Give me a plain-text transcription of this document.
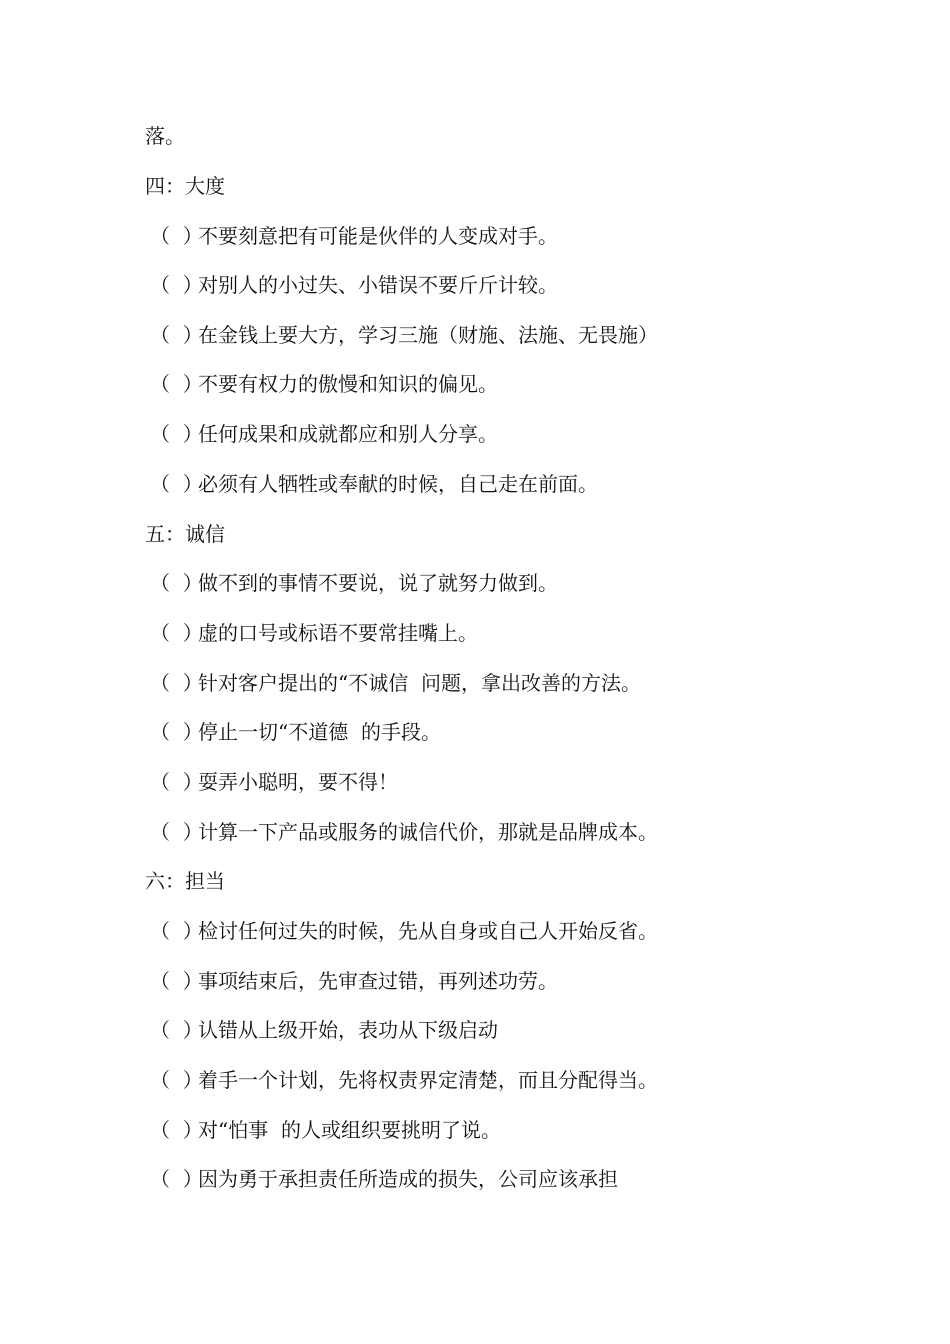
落。
四：大度
（  ）不要刻意把有可能是伙伴的人变成对手。
（  ）对别人的小过失、小错误不要斤斤计较。
（  ）在金钱上要大方，学习三施（财施、法施、无畏施）
（  ）不要有权力的傲慢和知识的偏见。
（  ）任何成果和成就都应和别人分享。
（  ）必须有人牺牲或奉献的时候，自己走在前面。
五：诚信
（  ）做不到的事情不要说，说了就努力做到。
（  ）虚的口号或标语不要常挂嘴上。
（  ）针对客户提出的“不诚信  问题，拿出改善的方法。
（  ）停止一切“不道德  的手段。
（  ）耍弄小聪明，要不得！
（  ）计算一下产品或服务的诚信代价，那就是品牌成本。
六：担当
（  ）检讨任何过失的时候，先从自身或自己人开始反省。
（  ）事项结束后，先审查过错，再列述功劳。
（  ）认错从上级开始，表功从下级启动
（  ）着手一个计划，先将权责界定清楚，而且分配得当。
（  ）对“怕事  的人或组织要挑明了说。
（  ）因为勇于承担责任所造成的损失，公司应该承担
